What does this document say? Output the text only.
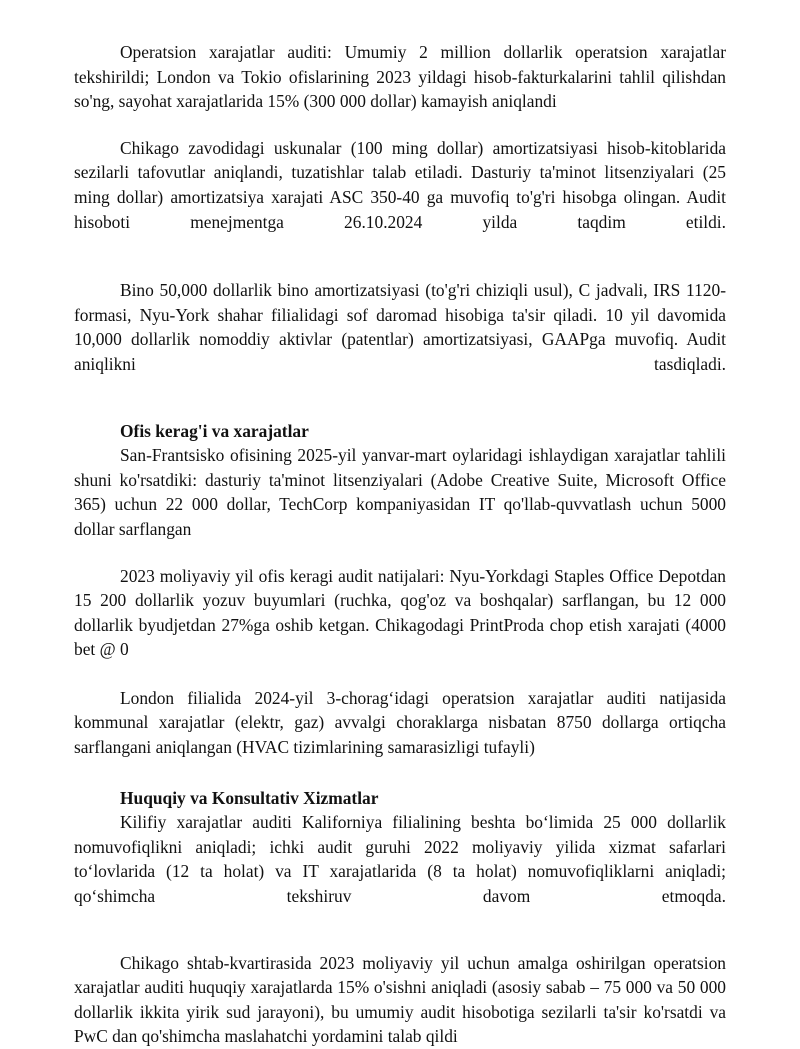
Operatsion xarajatlar auditi: Umumiy 2 million dollarlik operatsion xarajatlar tekshirildi; London va Tokio ofislarining 2023 yildagi hisob-fakturkalarini tahlil qilishdan so'ng, sayohat xarajatlarida 15% (300 000 dollar) kamayish aniqlandi

Chikago zavodidagi uskunalar (100 ming dollar) amortizatsiyasi hisob-kitoblarida sezilarli tafovutlar aniqlandi, tuzatishlar talab etiladi. Dasturiy ta'minot litsenziyalari (25 ming dollar) amortizatsiya xarajati ASC 350-40 ga muvofiq to'g'ri hisobga olingan. Audit hisoboti menejmentga 26.10.2024 yilda taqdim etildi.

Bino 50,000 dollarlik bino amortizatsiyasi (to'g'ri chiziqli usul), C jadvali, IRS 1120-formasi, Nyu-York shahar filialidagi sof daromad hisobiga ta'sir qiladi. 10 yil davomida 10,000 dollarlik nomoddiy aktivlar (patentlar) amortizatsiyasi, GAAPga muvofiq. Audit aniqlikni tasdiqladi.

Ofis kerag'i va xarajatlar

San-Frantsisko ofisining 2025-yil yanvar-mart oylaridagi ishlaydigan xarajatlar tahlili shuni ko'rsatdiki: dasturiy ta'minot litsenziyalari (Adobe Creative Suite, Microsoft Office 365) uchun 22 000 dollar, TechCorp kompaniyasidan IT qo'llab-quvvatlash uchun 5000 dollar sarflangan

2023 moliyaviy yil ofis keragi audit natijalari: Nyu-Yorkdagi Staples Office Depotdan 15 200 dollarlik yozuv buyumlari (ruchka, qog'oz va boshqalar) sarflangan, bu 12 000 dollarlik byudjetdan 27%ga oshib ketgan. Chikagodagi PrintProda chop etish xarajati (4000 bet @ 0

London filialida 2024-yil 3-chorag‘idagi operatsion xarajatlar auditi natijasida kommunal xarajatlar (elektr, gaz) avvalgi choraklarga nisbatan 8750 dollarga ortiqcha sarflangani aniqlangan (HVAC tizimlarining samarasizligi tufayli)

Huquqiy va Konsultativ Xizmatlar

Kilifiy xarajatlar auditi Kaliforniya filialining beshta bo‘limida 25 000 dollarlik nomuvofiqlikni aniqladi; ichki audit guruhi 2022 moliyaviy yilida xizmat safarlari to‘lovlarida (12 ta holat) va IT xarajatlarida (8 ta holat) nomuvofiqliklarni aniqladi; qo‘shimcha tekshiruv davom etmoqda.

Chikago shtab-kvartirasida 2023 moliyaviy yil uchun amalga oshirilgan operatsion xarajatlar auditi huquqiy xarajatlarda 15% o'sishni aniqladi (asosiy sabab – 75 000 va 50 000 dollarlik ikkita yirik sud jarayoni), bu umumiy audit hisobotiga sezilarli ta'sir ko'rsatdi va PwC dan qo'shimcha maslahatchi yordamini talab qildi
